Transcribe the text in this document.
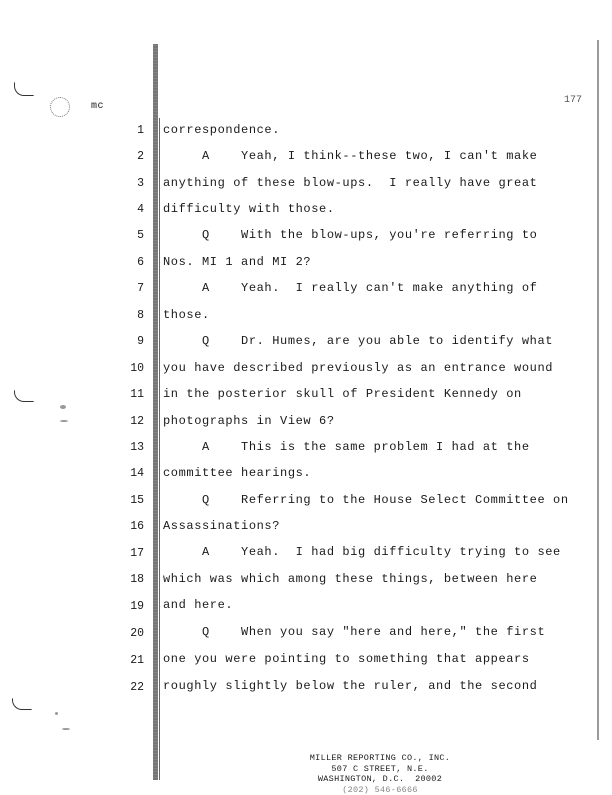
mc
177
1 correspondence.
2 A    Yeah, I think--these two, I can't make
3 anything of these blow-ups.  I really have great
4 difficulty with those.
5 Q    With the blow-ups, you're referring to
6 Nos. MI 1 and MI 2?
7 A    Yeah.  I really can't make anything of
8 those.
9 Q    Dr. Humes, are you able to identify what
10 you have described previously as an entrance wound
11 in the posterior skull of President Kennedy on
12 photographs in View 6?
13 A    This is the same problem I had at the
14 committee hearings.
15 Q    Referring to the House Select Committee on
16 Assassinations?
17 A    Yeah.  I had big difficulty trying to see
18 which was which among these things, between here
19 and here.
20 Q    When you say "here and here," the first
21 one you were pointing to something that appears
22 roughly slightly below the ruler, and the second
MILLER REPORTING CO., INC.
507 C STREET, N.E.
WASHINGTON, D.C.  20002
(202) 546-6666
